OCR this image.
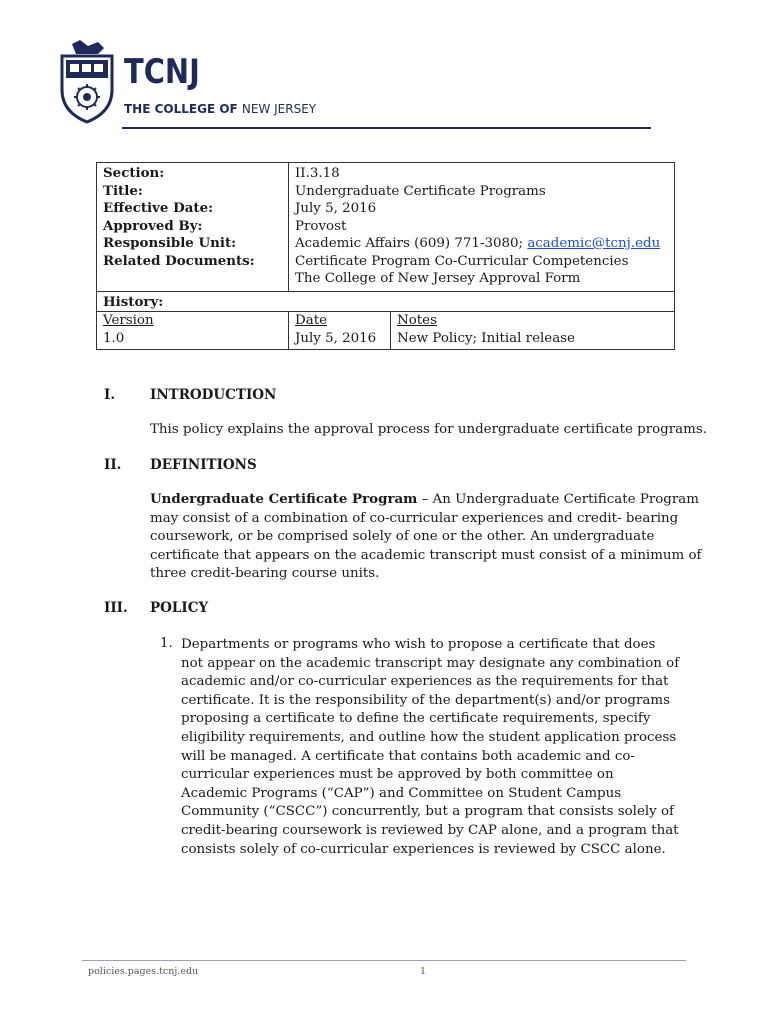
TCNJ
THE COLLEGE OF NEW JERSEY
Section:	II.3.18	
Title:	Undergraduate Certificate Programs	
Effective Date:	July 5, 2016	
Approved By:	Provost	
Responsible Unit:	Academic Affairs (609) 771-3080; academic@tcnj.edu	
Related Documents:	Certificate Program Co-Curricular Competencies
The College of New Jersey Approval Form	

History:		
Version	Date	Notes
1.0	July 5, 2016	New Policy; Initial release
I.	INTRODUCTION
This policy explains the approval process for undergraduate certificate programs.
II. DEFINITIONS
Undergraduate Certificate Program – An Undergraduate Certificate Program may consist of a combination of co-curricular experiences and credit- bearing coursework, or be comprised solely of one or the other. An undergraduate certificate that appears on the academic transcript must consist of a minimum of three credit-bearing course units.
III. POLICY
1. Departments or programs who wish to propose a certificate that does not appear on the academic transcript may designate any combination of academic and/or co-curricular experiences as the requirements for that certificate. It is the responsibility of the department(s) and/or programs proposing a certificate to define the certificate requirements, specify eligibility requirements, and outline how the student application process will be managed. A certificate that contains both academic and co-curricular experiences must be approved by both committee on Academic Programs (“CAP”) and Committee on Student Campus Community (“CSCC”) concurrently, but a program that consists solely of credit-bearing coursework is reviewed by CAP alone, and a program that consists solely of co-curricular experiences is reviewed by CSCC alone.
policies.pages.tcnj.edu	1
